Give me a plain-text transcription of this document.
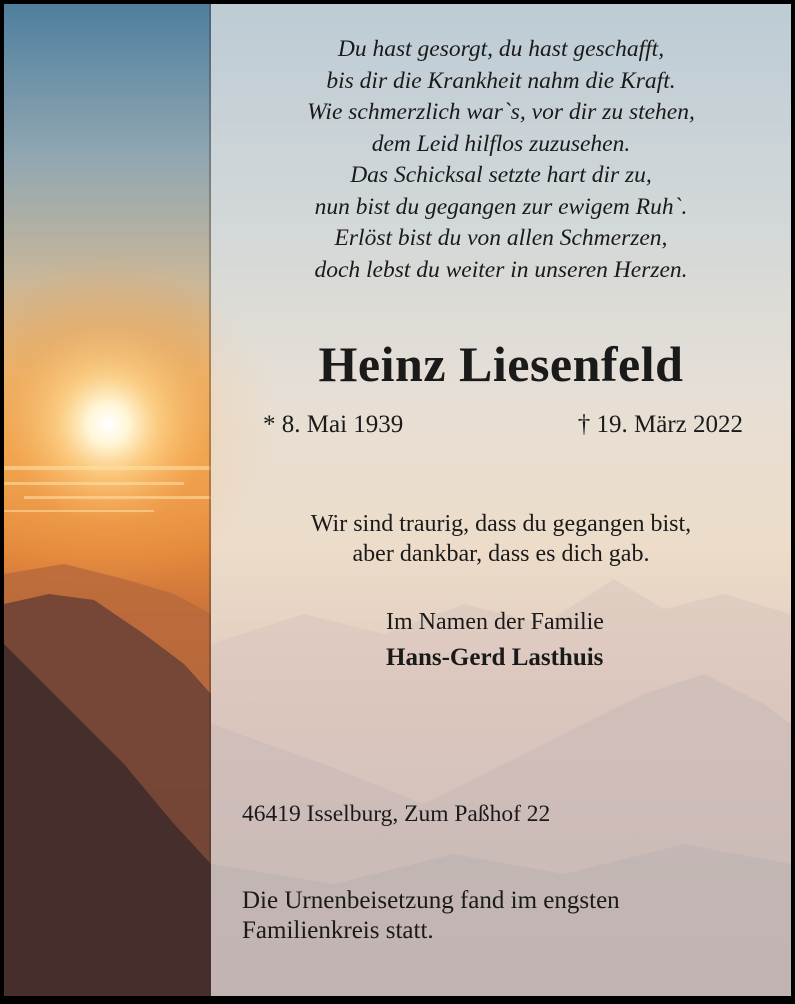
Du hast gesorgt, du hast geschafft,
bis dir die Krankheit nahm die Kraft.
Wie schmerzlich war`s, vor dir zu stehen,
dem Leid hilflos zuzusehen.
Das Schicksal setzte hart dir zu,
nun bist du gegangen zur ewigem Ruh`.
Erlöst bist du von allen Schmerzen,
doch lebst du weiter in unseren Herzen.
Heinz Liesenfeld
* 8. Mai 1939	† 19. März 2022
Wir sind traurig, dass du gegangen bist,
aber dankbar, dass es dich gab.
Im Namen der Familie
Hans-Gerd Lasthuis
46419 Isselburg, Zum Paßhof 22
Die Urnenbeisetzung fand im engsten
Familienkreis statt.
